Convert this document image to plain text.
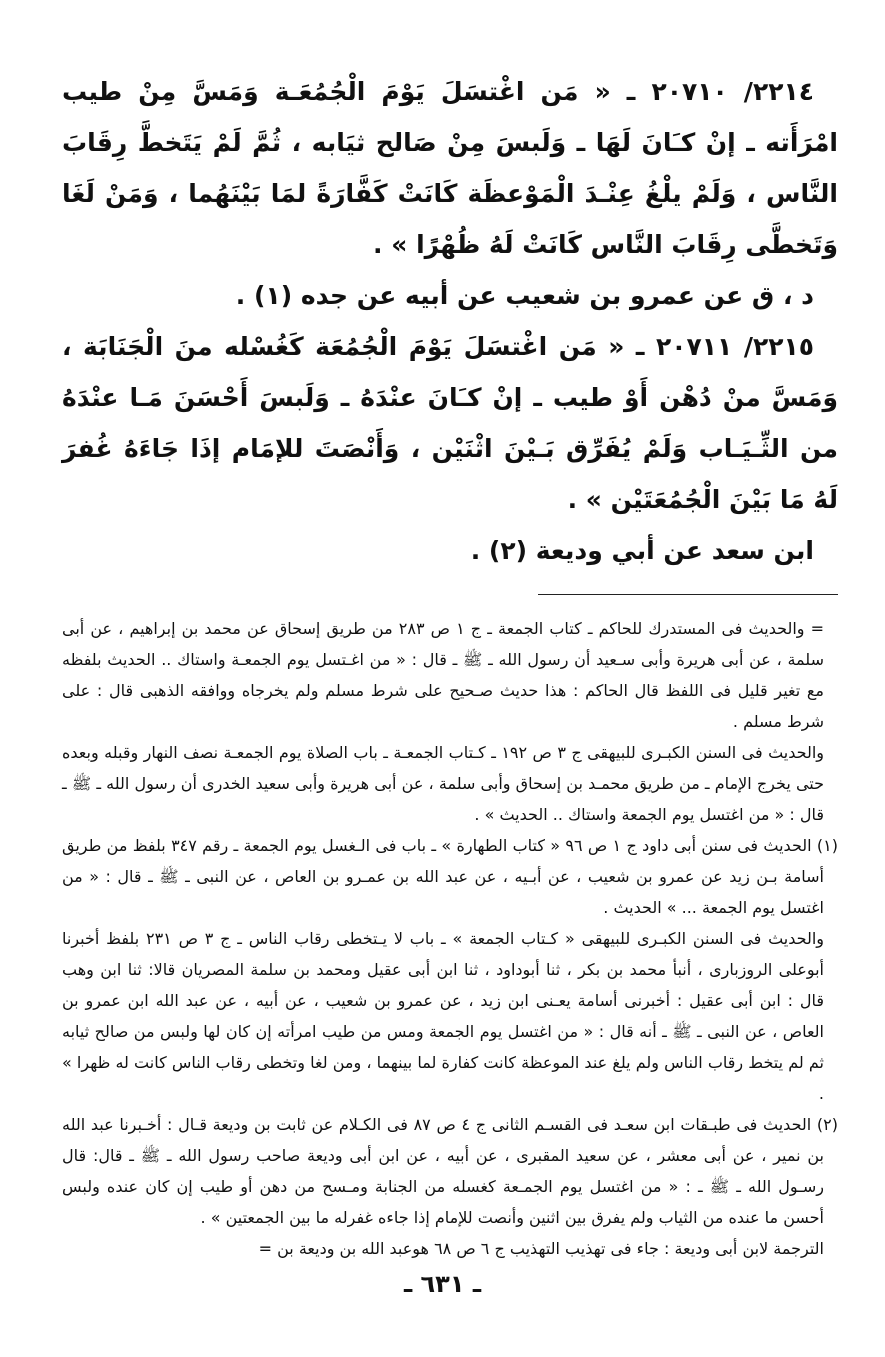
٢٢١٤/ ٢٠٧١٠ ـ « مَن اغْتسَلَ يَوْمَ الْجُمُعَـة وَمَسَّ مِنْ طيب امْرَأَته ـ إنْ كـَانَ لَهَا ـ وَلَبسَ مِنْ صَالح ثيَابه ، ثُمَّ لَمْ يَتَخطَّ رِقَابَ النَّاس ، وَلَمْ يلْغُ عِنْـدَ الْمَوْعظَة كَانَتْ كَفَّارَةً لمَا بَيْنَهُما ، وَمَنْ لَغَا وَتَخطَّى رِقَابَ النَّاس كَانَتْ لَهُ ظُهْرًا » .

د ، ق عن عمرو بن شعيب عن أبيه عن جده (١) .

٢٢١٥/ ٢٠٧١١ ـ « مَن اغْتسَلَ يَوْمَ الْجُمُعَة كَغُسْله منَ الْجَنَابَة ، وَمَسَّ منْ دُهْن أَوْ طيب ـ إنْ كـَانَ عنْدَهُ ـ وَلَبسَ أَحْسَنَ مَـا عنْدَهُ من الثِّـيَـاب وَلَمْ يُفَرِّق بَـيْنَ اثْنَيْن ، وَأَنْصَتَ للإمَام إذَا جَاءَهُ غُفرَ لَهُ مَا بَيْنَ الْجُمُعَتَيْن » .

ابن سعد عن أبي وديعة (٢) .

= والحديث فى المستدرك للحاكم ـ كتاب الجمعة ـ ج ١ ص ٢٨٣ من طريق إسحاق عن محمد بن إبراهيم ، عن أبى سلمة ، عن أبى هريرة وأبى سـعيد أن رسول الله ـ ﷺ ـ قال : « من اغـتسل يوم الجمعـة واستاك .. الحديث بلفظه مع تغير قليل فى اللفظ قال الحاكم : هذا حديث صـحيح على شرط مسلم ولم يخرجاه ووافقه الذهبى قال : على شرط مسلم .

والحديث فى السنن الكبـرى للبيهقى ج ٣ ص ١٩٢ ـ كـتاب الجمعـة ـ باب الصلاة يوم الجمعـة نصف النهار وقبله وبعده حتى يخرج الإمام ـ من طريق محمـد بن إسحاق وأبى سلمة ، عن أبى هريرة وأبى سعيد الخدرى أن رسول الله ـ ﷺ ـ قال : « من اغتسل يوم الجمعة واستاك .. الحديث » .

(١) الحديث فى سنن أبى داود ج ١ ص ٩٦ « كتاب الطهارة » ـ باب فى الـغسل يوم الجمعة ـ رقم ٣٤٧ بلفظ من طريق أسامة بـن زيد عن عمرو بن شعيب ، عن أبـيه ، عن عبد الله بن عمـرو بن العاص ، عن النبى ـ ﷺ ـ قال : « من اغتسل يوم الجمعة ... » الحديث .

والحديث فى السنن الكبـرى للبيهقى « كـتاب الجمعة » ـ باب لا يـتخطى رقاب الناس ـ ج ٣ ص ٢٣١ بلفظ أخبرنا أبوعلى الروزبارى ، أنبأ محمد بن بكر ، ثنا أبوداود ، ثنا ابن أبى عقيل ومحمد بن سلمة المصريان قالا: ثنا ابن وهب قال : ابن أبى عقيل : أخبرنى أسامة يعـنى ابن زيد ، عن عمرو بن شعيب ، عن أبيه ، عن عبد الله ابن عمرو بن العاص ، عن النبى ـ ﷺ ـ أنه قال : « من اغتسل يوم الجمعة ومس من طيب امرأته إن كان لها ولبس من صالح ثيابه ثم لم يتخط رقاب الناس ولم يلغ عند الموعظة كانت كفارة لما بينهما ، ومن لغا وتخطى رقاب الناس كانت له ظهرا » .

(٢) الحديث فى طبـقات ابن سعـد فى القسـم الثانى ج ٤ ص ٨٧ فى الكـلام عن ثابت بن وديعة قـال : أخـبرنا عبد الله بن نمير ، عن أبى معشر ، عن سعيد المقبرى ، عن أبيه ، عن ابن أبى وديعة صاحب رسول الله ـ ﷺ ـ قال: قال رسـول الله ـ ﷺ ـ : « من اغتسل يوم الجمـعة كغسله من الجنابة ومـسح من دهن أو طيب إن كان عنده ولبس أحسن ما عنده من الثياب ولم يفرق بين اثنين وأنصت للإمام إذا جاءه غفرله ما بين الجمعتين » .

الترجمة لابن أبى وديعة : جاء فى تهذيب التهذيب ج ٦ ص ٦٨ هوعبد الله بن وديعة بن =

ـ ٦٣١ ـ
